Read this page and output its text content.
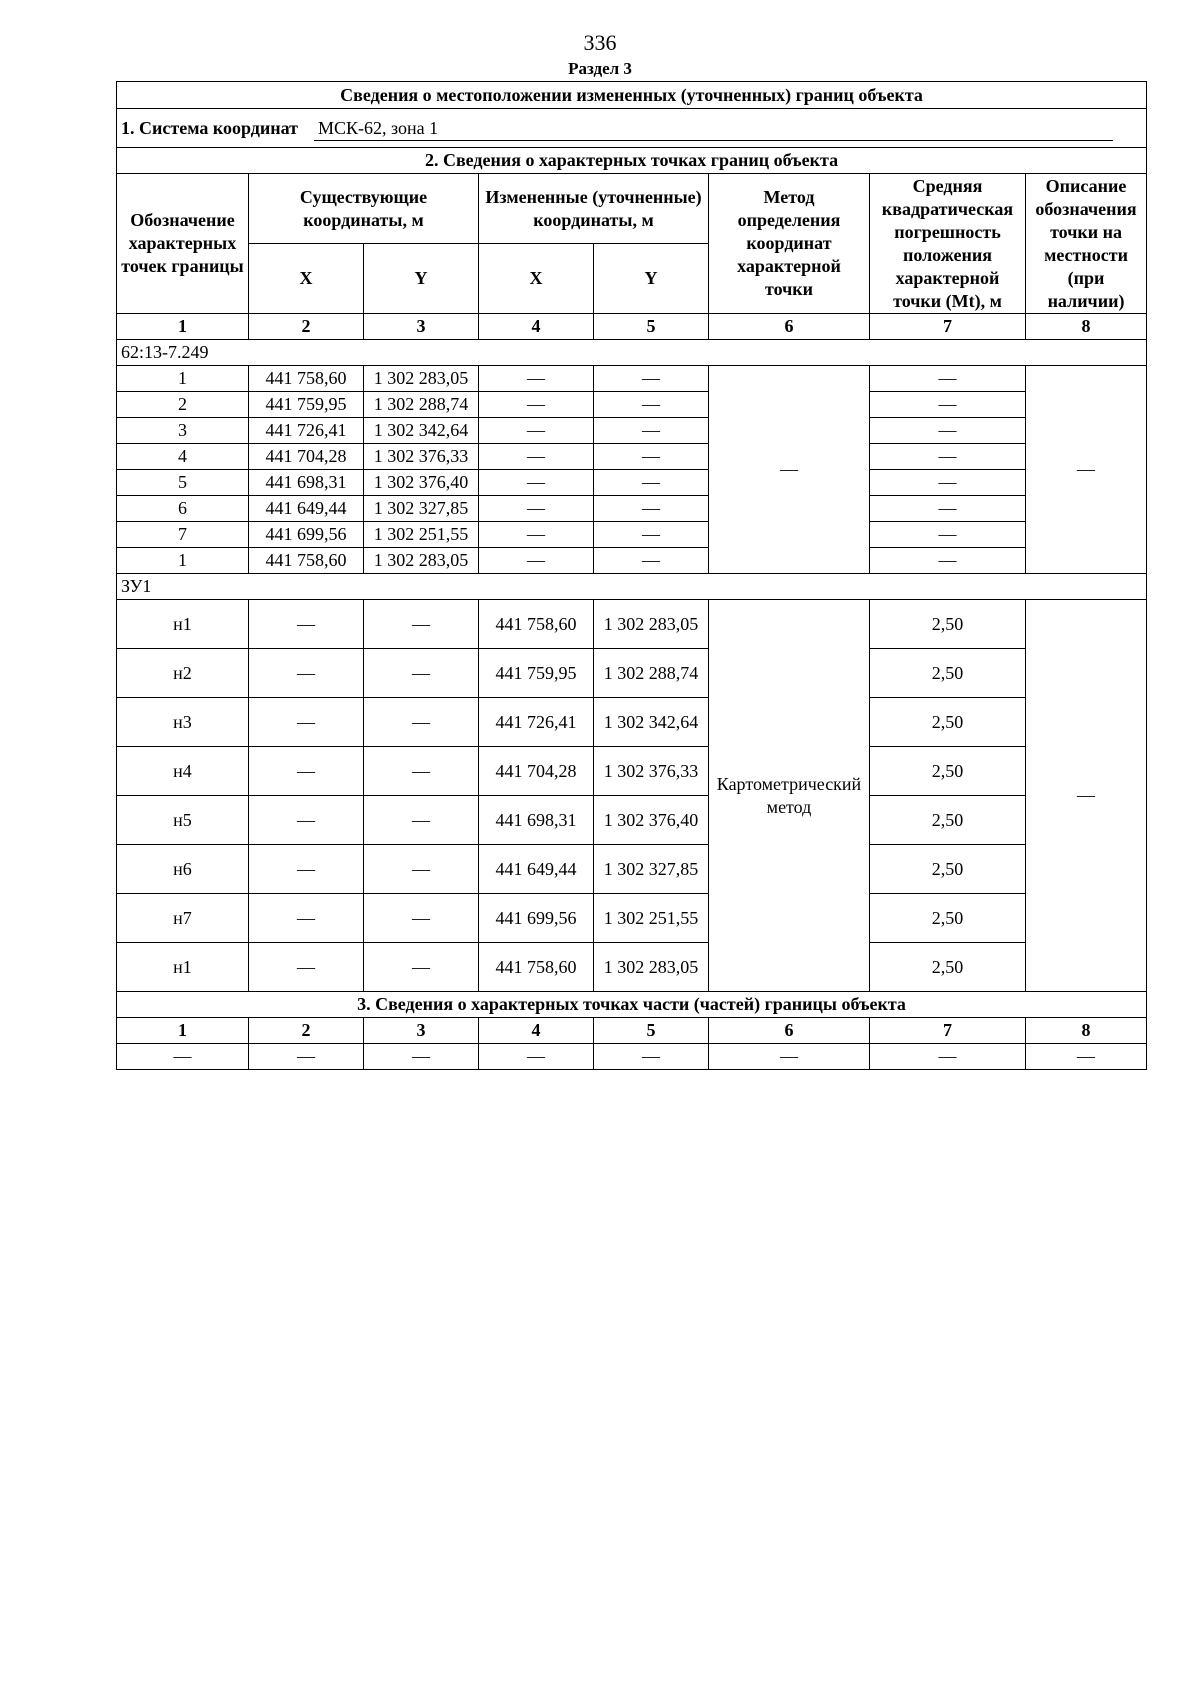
336
Раздел 3
Сведения о местоположении измененных (уточненных) границ объекта							
1. Система координат МСК-62, зона 1							
2. Сведения о характерных точках границ объекта							
Обозначение характерных точек границы	Существующие координаты, м		Измененные (уточненные) координаты, м		Метод определения координат характерной точки	Средняя квадратическая погрешность положения характерной точки (Mt), м	Описание обозначения точки на местности (при наличии)
	X	Y	X	Y			
1	2	3	4	5	6	7	8
62:13-7.249							
1	441 758,60	1 302 283,05	—	—	—	—	—
2	441 759,95	1 302 288,74	—	—		—	
3	441 726,41	1 302 342,64	—	—		—	
4	441 704,28	1 302 376,33	—	—		—	
5	441 698,31	1 302 376,40	—	—		—	
6	441 649,44	1 302 327,85	—	—		—	
7	441 699,56	1 302 251,55	—	—		—	
1	441 758,60	1 302 283,05	—	—		—	
ЗУ1							
н1	—	—	441 758,60	1 302 283,05	Картометрический метод	2,50	—
н2	—	—	441 759,95	1 302 288,74		2,50	
н3	—	—	441 726,41	1 302 342,64		2,50	
н4	—	—	441 704,28	1 302 376,33		2,50	
н5	—	—	441 698,31	1 302 376,40		2,50	
н6	—	—	441 649,44	1 302 327,85		2,50	
н7	—	—	441 699,56	1 302 251,55		2,50	
н1	—	—	441 758,60	1 302 283,05		2,50	
3. Сведения о характерных точках части (частей) границы объекта							
1	2	3	4	5	6	7	8
—	—	—	—	—	—	—	—
